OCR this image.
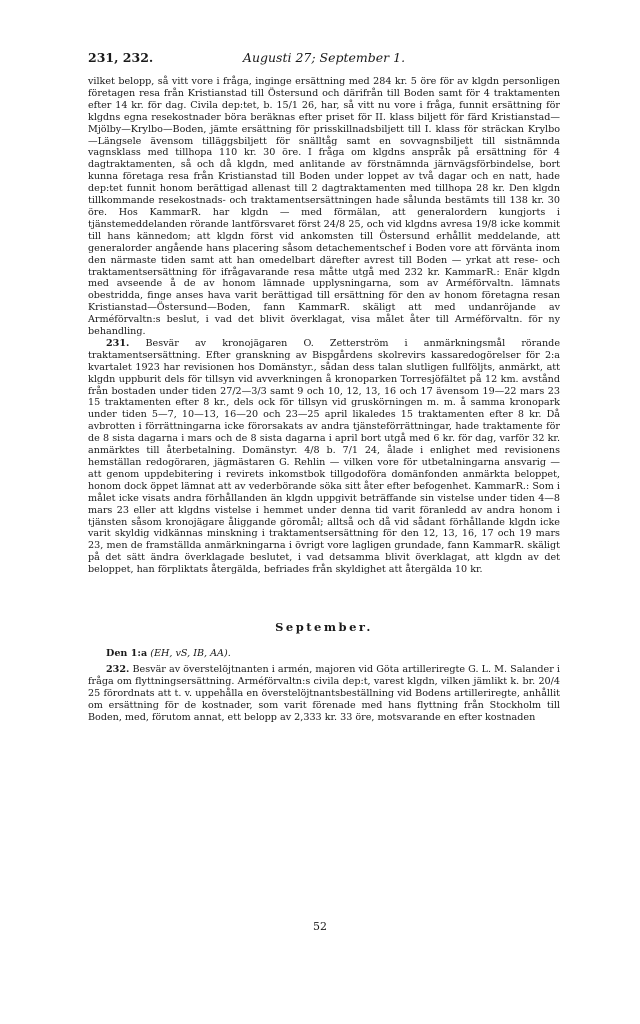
231, 232.	Augusti 27; September 1.

vilket belopp, så vitt vore i fråga, inginge ersättning med 284 kr. 5 öre för av klgdn personligen företagen resa från Kristianstad till Östersund och därifrån till Boden samt för 4 traktamenten efter 14 kr. för dag. Civila dep:tet, b. 15/1 26, har, så vitt nu vore i fråga, funnit ersättning för klgdns egna resekostnader böra beräknas efter priset för II. klass biljett för färd Kristianstad—Mjölby—Krylbo—Boden, jämte ersättning för prisskillnadsbiljett till I. klass för sträckan Krylbo—Längsele ävensom tilläggsbiljett för snälltåg samt en sovvagnsbiljett till sistnämnda vagnsklass med tillhopa 110 kr. 30 öre. I fråga om klgdns anspråk på ersättning för 4 dagtraktamenten, så och då klgdn, med anlitande av förstnämnda järnvägsförbindelse, bort kunna företaga resa från Kristianstad till Boden under loppet av två dagar och en natt, hade dep:tet funnit honom berättigad allenast till 2 dagtraktamenten med tillhopa 28 kr. Den klgdn tillkommande resekostnads- och traktamentsersättningen hade sålunda bestämts till 138 kr. 30 öre. Hos KammarR. har klgdn — med förmälan, att generalordern kungjorts i tjänstemeddelanden rörande lantförsvaret först 24/8 25, och vid klgdns avresa 19/8 icke kommit till hans kännedom; att klgdn först vid ankomsten till Östersund erhållit meddelande, att generalorder angående hans placering såsom detachementschef i Boden vore att förvänta inom den närmaste tiden samt att han omedelbart därefter avrest till Boden — yrkat att rese- och traktamentsersättning för ifrågavarande resa måtte utgå med 232 kr. KammarR.: Enär klgdn med avseende å de av honom lämnade upplysningarna, som av Arméförvaltn. lämnats obestridda, finge anses hava varit berättigad till ersättning för den av honom företagna resan Kristianstad—Östersund—Boden, fann KammarR. skäligt att med undanröjande av Arméförvaltn:s beslut, i vad det blivit överklagat, visa målet åter till Arméförvaltn. för ny behandling.

231. Besvär av kronojägaren O. Zetterström i anmärkningsmål rörande traktamentsersättning. Efter granskning av Bispgårdens skolrevirs kassaredogörelser för 2:a kvartalet 1923 har revisionen hos Domänstyr., sådan dess talan slutligen fullföljts, anmärkt, att klgdn uppburit dels för tillsyn vid avverkningen å kronoparken Torresjöfältet på 12 km. avstånd från bostaden under tiden 27/2—3/3 samt 9 och 10, 12, 13, 16 och 17 ävensom 19—22 mars 23 15 traktamenten efter 8 kr., dels ock för tillsyn vid gruskörningen m. m. å samma kronopark under tiden 5—7, 10—13, 16—20 och 23—25 april likaledes 15 traktamenten efter 8 kr. Då avbrotten i förrättningarna icke förorsakats av andra tjänsteförrättningar, hade traktamente för de 8 sista dagarna i mars och de 8 sista dagarna i april bort utgå med 6 kr. för dag, varför 32 kr. anmärktes till återbetalning. Domänstyr. 4/8 b. 7/1 24, ålade i enlighet med revisionens hemställan redogöraren, jägmästaren G. Rehlin — vilken vore för utbetalningarna ansvarig — att genom uppdebitering i revirets inkomstbok tillgodoföra domänfonden anmärkta beloppet, honom dock öppet lämnat att av vederbörande söka sitt åter efter befogenhet. KammarR.: Som i målet icke visats andra förhållanden än klgdn uppgivit beträffande sin vistelse under tiden 4—8 mars 23 eller att klgdns vistelse i hemmet under denna tid varit föranledd av andra honom i tjänsten såsom kronojägare åliggande göromål; alltså och då vid sådant förhållande klgdn icke varit skyldig vidkännas minskning i traktamentsersättning för den 12, 13, 16, 17 och 19 mars 23, men de framställda anmärkningarna i övrigt vore lagligen grundade, fann KammarR. skäligt på det sätt ändra överklagade beslutet, i vad detsamma blivit överklagat, att klgdn av det beloppet, han förpliktats återgälda, befriades från skyldighet att återgälda 10 kr.

September.
Den 1:a (EH, vS, IB, AA).

232. Besvär av överstelöjtnanten i armén, majoren vid Göta artilleriregte G. L. M. Salander i fråga om flyttningsersättning. Arméförvaltn:s civila dep:t, varest klgdn, vilken jämlikt k. br. 20/4 25 förordnats att t. v. uppehålla en överstelöjtnantsbeställning vid Bodens artilleriregte, anhållit om ersättning för de kostnader, som varit förenade med hans flyttning från Stockholm till Boden, med, förutom annat, ett belopp av 2,333 kr. 33 öre, motsvarande en efter kostnaden

52
